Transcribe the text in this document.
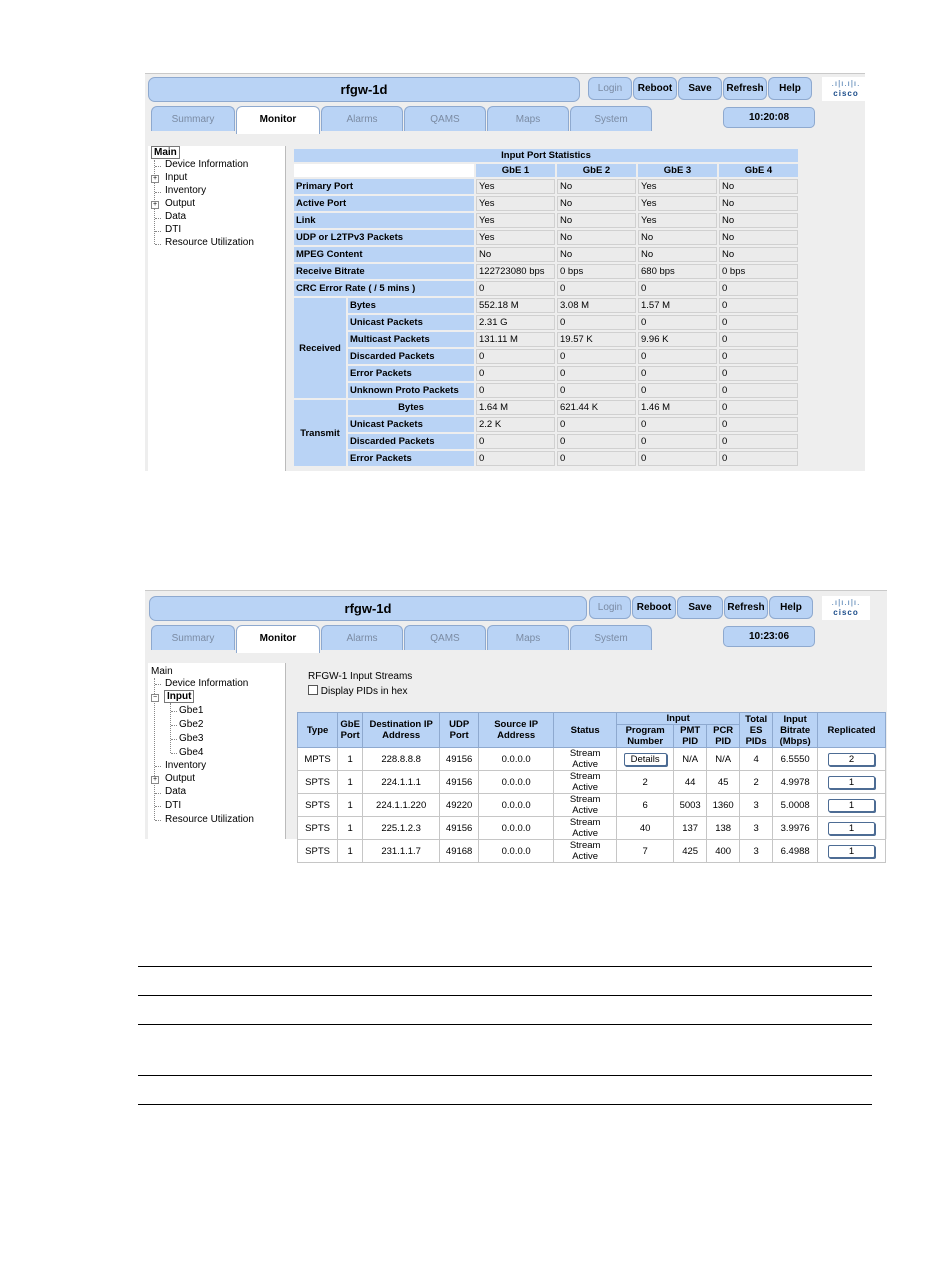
rfgw-1d	Login	Reboot	Save	Refresh	Help	.ı|ı.ı|ı.
cisco
Summary	Monitor	Alarms	QAMS	Maps	System	10:20:08
Main
Device Information
+ Input
Inventory
+ Output
Data
DTI
Resource Utilization
Input Port Statistics					
		GbE 1	GbE 2	GbE 3	GbE 4
Primary Port		Yes	No	Yes	No
Active Port		Yes	No	Yes	No
Link		Yes	No	Yes	No
UDP or L2TPv3 Packets		Yes	No	No	No
MPEG Content		No	No	No	No
Receive Bitrate		122723080 bps	0 bps	680 bps	0 bps
CRC Error Rate ( / 5 mins )		0	0	0	0
Received	Bytes	552.18 M	3.08 M	1.57 M	0
	Unicast Packets	2.31 G	0	0	0
	Multicast Packets	131.11 M	19.57 K	9.96 K	0
	Discarded Packets	0	0	0	0
	Error Packets	0	0	0	0
	Unknown Proto Packets	0	0	0	0
Transmit	Bytes	1.64 M	621.44 K	1.46 M	0
	Unicast Packets	2.2 K	0	0	0
	Discarded Packets	0	0	0	0
	Error Packets	0	0	0	0
rfgw-1d	Login	Reboot	Save	Refresh	Help	.ı|ı.ı|ı.
cisco
Summary	Monitor	Alarms	QAMS	Maps	System	10:23:06
Main
Device Information
− Input
Gbe1
Gbe2
Gbe3
Gbe4
Inventory
+ Output
Data
DTI
Resource Utilization
RFGW-1 Input Streams
Display PIDs in hex
Type	GbE Port	Destination IP Address	UDP Port	Source IP Address	Status	Input			Total ES PIDs	Input Bitrate (Mbps)	Replicated
						Program Number	PMT PID	PCR PID			
MPTS	1	228.8.8.8	49156	0.0.0.0	Stream Active	Details	N/A	N/A	4	6.5550	2
SPTS	1	224.1.1.1	49156	0.0.0.0	Stream Active	2	44	45	2	4.9978	1
SPTS	1	224.1.1.220	49220	0.0.0.0	Stream Active	6	5003	1360	3	5.0008	1
SPTS	1	225.1.2.3	49156	0.0.0.0	Stream Active	40	137	138	3	3.9976	1
SPTS	1	231.1.1.7	49168	0.0.0.0	Stream Active	7	425	400	3	6.4988	1
